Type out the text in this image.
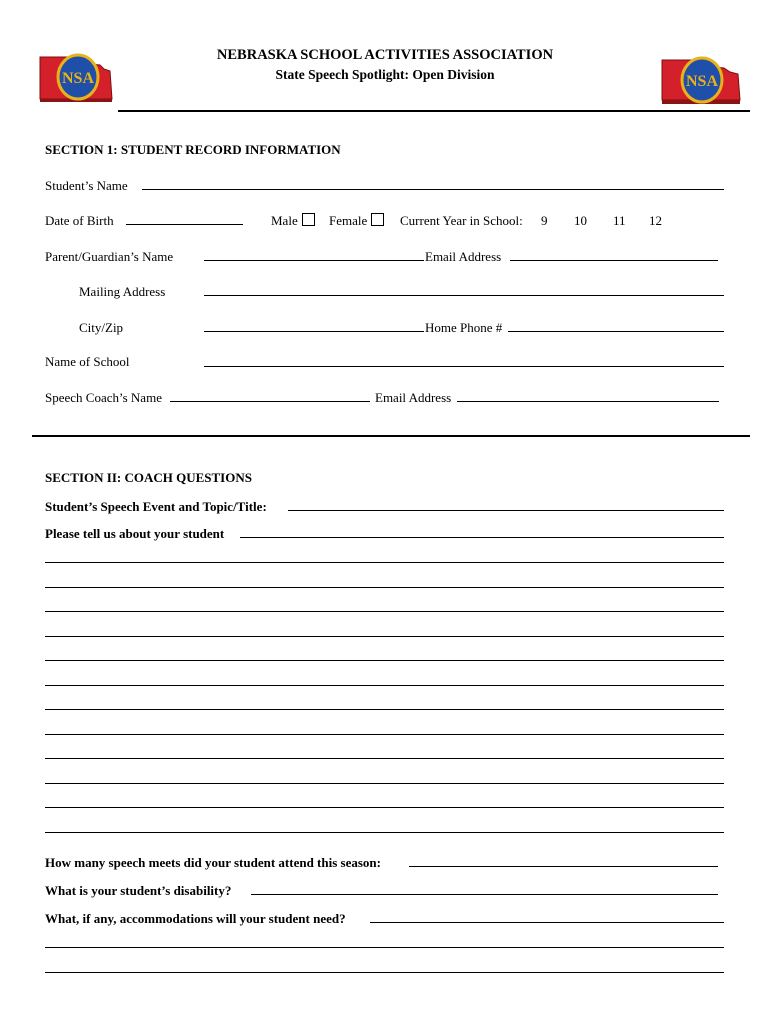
NSA	NSA
NEBRASKA SCHOOL ACTIVITIES ASSOCIATION
State Speech Spotlight: Open Division
SECTION 1: STUDENT RECORD INFORMATION
Student’s Name
Date of Birth	Male	Female	Current Year in School: 9 10 11 12
Parent/Guardian’s Name	Email Address
Mailing Address
City/Zip	Home Phone #
Name of School
Speech Coach’s Name	Email Address
SECTION II: COACH QUESTIONS
Student’s Speech Event and Topic/Title:
Please tell us about your student
How many speech meets did your student attend this season:
What is your student’s disability?
What, if any, accommodations will your student need?
